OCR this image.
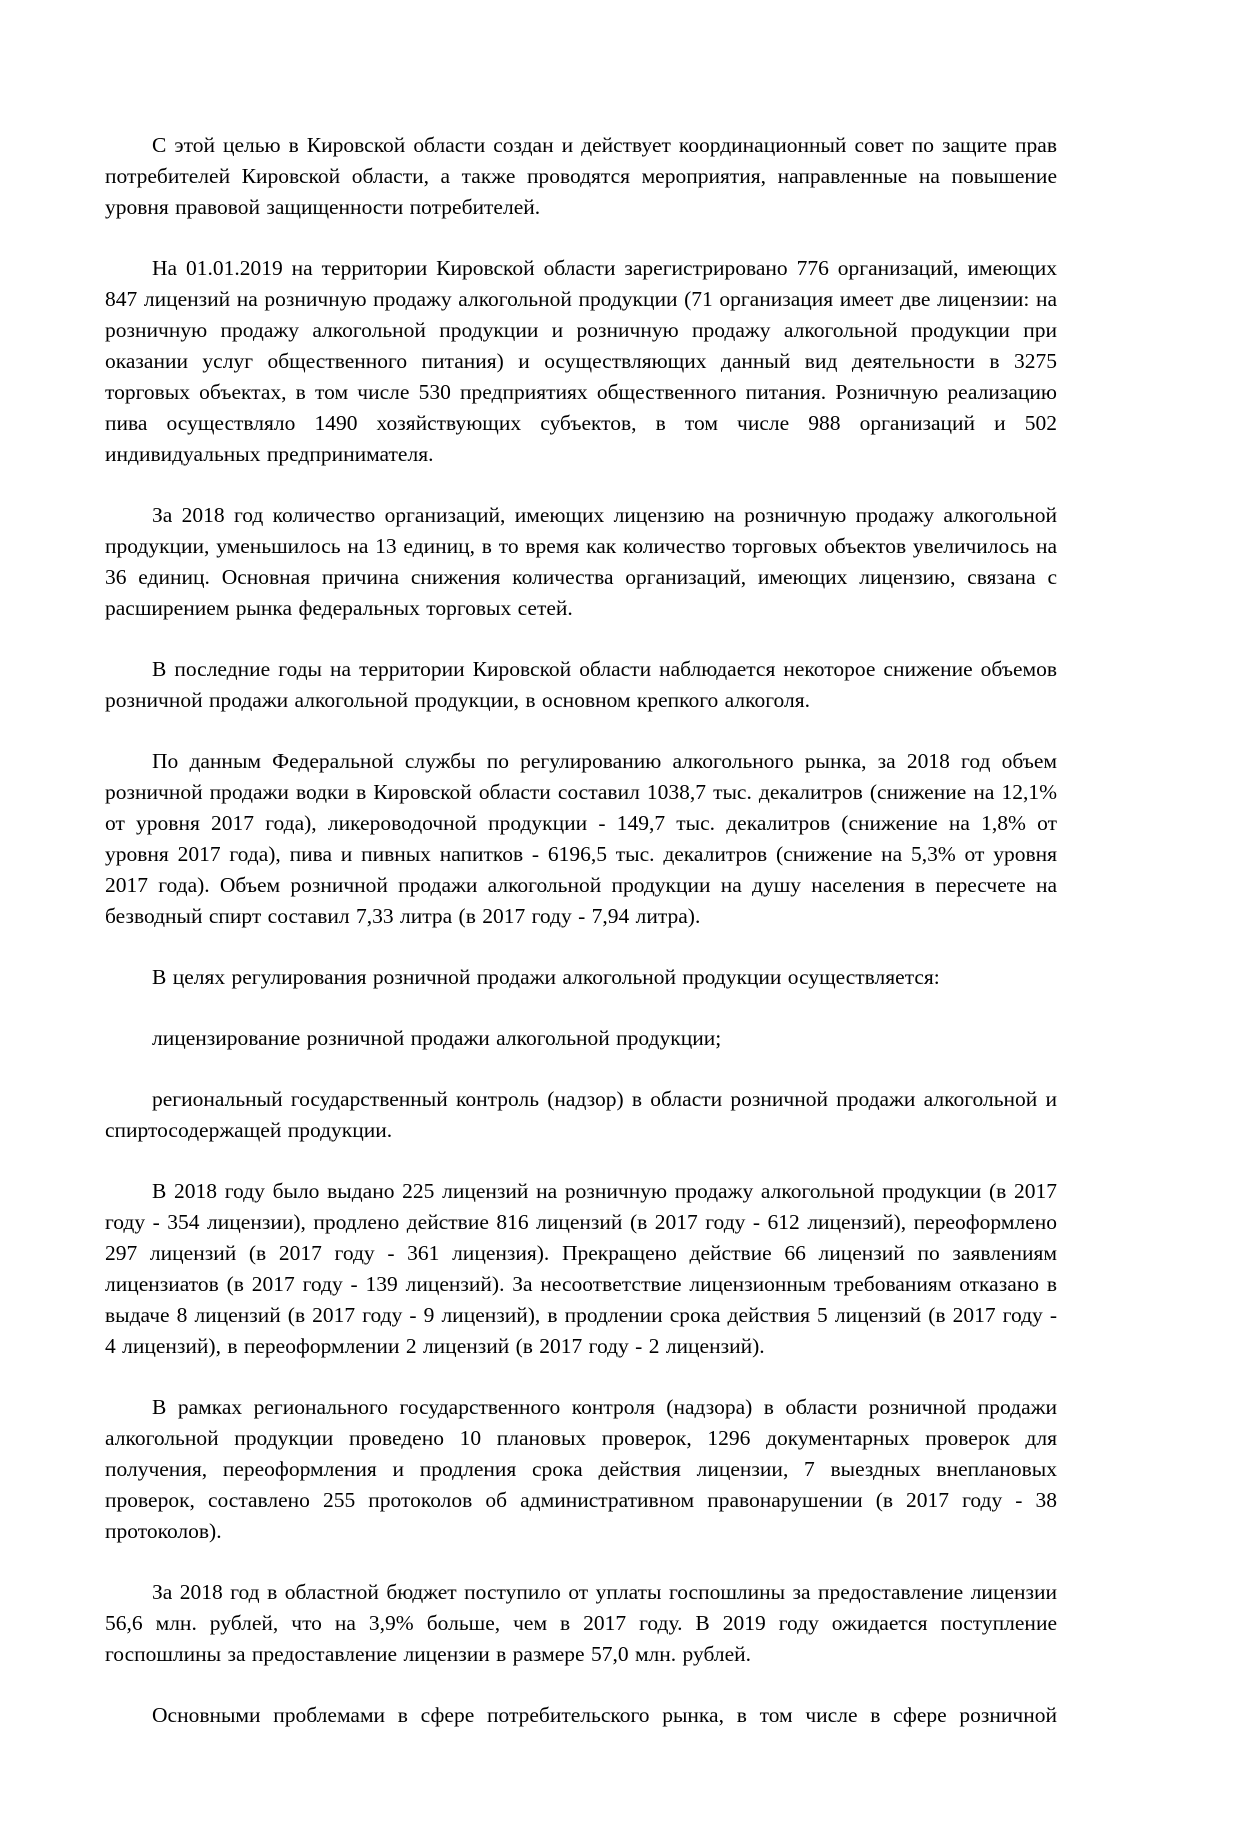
С этой целью в Кировской области создан и действует координационный совет по защите прав потребителей Кировской области, а также проводятся мероприятия, направленные на повышение уровня правовой защищенности потребителей.

На 01.01.2019 на территории Кировской области зарегистрировано 776 организаций, имеющих 847 лицензий на розничную продажу алкогольной продукции (71 организация имеет две лицензии: на розничную продажу алкогольной продукции и розничную продажу алкогольной продукции при оказании услуг общественного питания) и осуществляющих данный вид деятельности в 3275 торговых объектах, в том числе 530 предприятиях общественного питания. Розничную реализацию пива осуществляло 1490 хозяйствующих субъектов, в том числе 988 организаций и 502 индивидуальных предпринимателя.

За 2018 год количество организаций, имеющих лицензию на розничную продажу алкогольной продукции, уменьшилось на 13 единиц, в то время как количество торговых объектов увеличилось на 36 единиц. Основная причина снижения количества организаций, имеющих лицензию, связана с расширением рынка федеральных торговых сетей.

В последние годы на территории Кировской области наблюдается некоторое снижение объемов розничной продажи алкогольной продукции, в основном крепкого алкоголя.

По данным Федеральной службы по регулированию алкогольного рынка, за 2018 год объем розничной продажи водки в Кировской области составил 1038,7 тыс. декалитров (снижение на 12,1% от уровня 2017 года), ликероводочной продукции - 149,7 тыс. декалитров (снижение на 1,8% от уровня 2017 года), пива и пивных напитков - 6196,5 тыс. декалитров (снижение на 5,3% от уровня 2017 года). Объем розничной продажи алкогольной продукции на душу населения в пересчете на безводный спирт составил 7,33 литра (в 2017 году - 7,94 литра).

В целях регулирования розничной продажи алкогольной продукции осуществляется:

лицензирование розничной продажи алкогольной продукции;

региональный государственный контроль (надзор) в области розничной продажи алкогольной и спиртосодержащей продукции.

В 2018 году было выдано 225 лицензий на розничную продажу алкогольной продукции (в 2017 году - 354 лицензии), продлено действие 816 лицензий (в 2017 году - 612 лицензий), переоформлено 297 лицензий (в 2017 году - 361 лицензия). Прекращено действие 66 лицензий по заявлениям лицензиатов (в 2017 году - 139 лицензий). За несоответствие лицензионным требованиям отказано в выдаче 8 лицензий (в 2017 году - 9 лицензий), в продлении срока действия 5 лицензий (в 2017 году - 4 лицензий), в переоформлении 2 лицензий (в 2017 году - 2 лицензий).

В рамках регионального государственного контроля (надзора) в области розничной продажи алкогольной продукции проведено 10 плановых проверок, 1296 документарных проверок для получения, переоформления и продления срока действия лицензии, 7 выездных внеплановых проверок, составлено 255 протоколов об административном правонарушении (в 2017 году - 38 протоколов).

За 2018 год в областной бюджет поступило от уплаты госпошлины за предоставление лицензии 56,6 млн. рублей, что на 3,9% больше, чем в 2017 году. В 2019 году ожидается поступление госпошлины за предоставление лицензии в размере 57,0 млн. рублей.

Основными проблемами в сфере потребительского рынка, в том числе в сфере розничной
